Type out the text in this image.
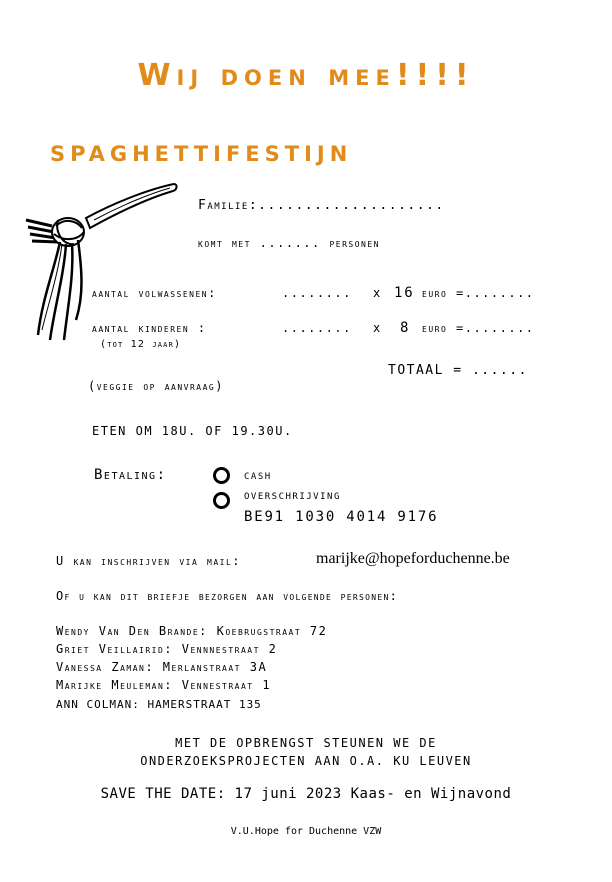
Wij doen mee!!!!
SPAGHETTIFESTIJN
Familie:....................
komt met ....... personen
aantal volwassenen:	........ x 16 euro =........
aantal kinderen :	........ x 8 euro =........
(tot 12 jaar)
TOTAAL = ......
(veggie op aanvraag)
ETEN OM 18U. OF 19.30U.
Betaling:	cash
overschrijving
BE91 1030 4014 9176
U kan inschrijven via mail:	marijke@hopeforduchenne.be
Of u kan dit briefje bezorgen aan volgende personen:
Wendy Van Den Brande: Koebrugstraat 72
Griet Veillairid: Vennnestraat 2
Vanessa Zaman: Merlanstraat 3A
Marijke Meuleman: Vennestraat 1
ANN COLMAN: HAMERSTRAAT 135
MET DE OPBRENGST STEUNEN WE DE
ONDERZOEKSPROJECTEN AAN O.A. KU LEUVEN
SAVE THE DATE: 17 juni 2023 Kaas- en Wijnavond
V.U.Hope for Duchenne VZW
